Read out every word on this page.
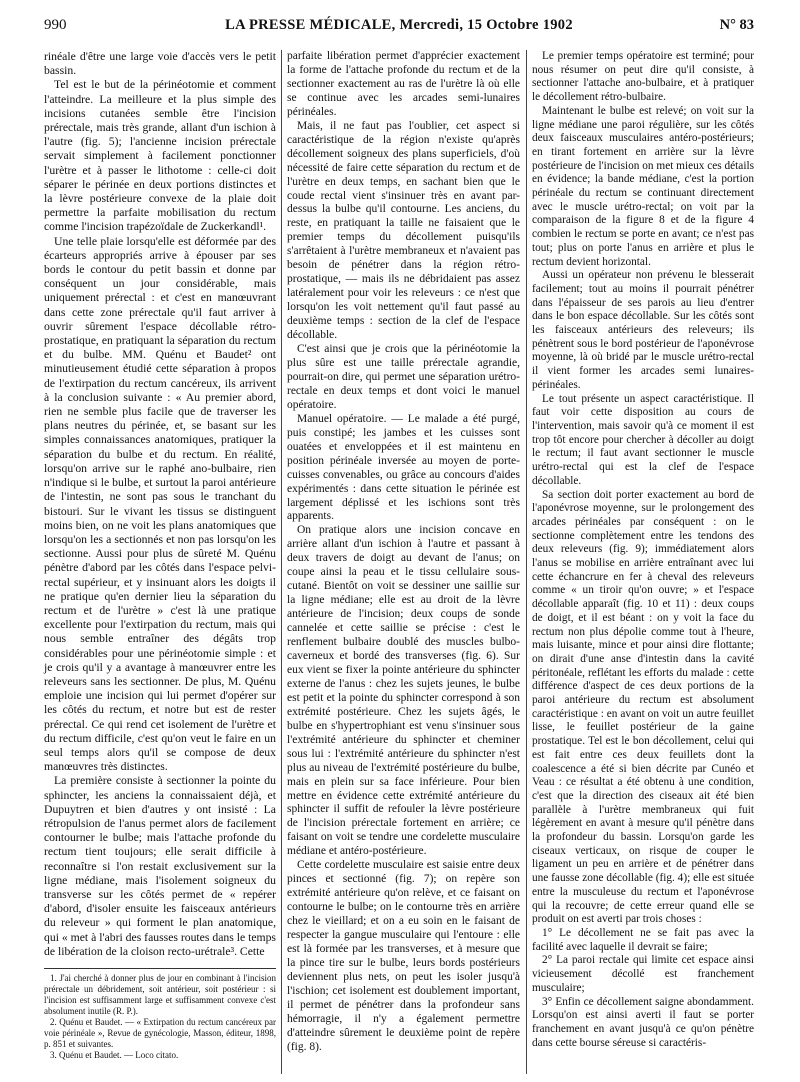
990	LA PRESSE MÉDICALE, Mercredi, 15 Octobre 1902	N° 83

rinéale d'être une large voie d'accès vers le petit bassin.

Tel est le but de la périnéotomie et comment l'atteindre. La meilleure et la plus simple des incisions cutanées semble être l'incision prérectale, mais très grande, allant d'un ischion à l'autre (fig. 5); l'ancienne incision prérectale servait simplement à facilement ponctionner l'urètre et à passer le lithotome : celle-ci doit séparer le périnée en deux portions distinctes et la lèvre postérieure convexe de la plaie doit permettre la parfaite mobilisation du rectum comme l'incision trapézoïdale de Zuckerkandl¹.

Une telle plaie lorsqu'elle est déformée par des écarteurs appropriés arrive à épouser par ses bords le contour du petit bassin et donne par conséquent un jour considérable, mais uniquement prérectal : et c'est en manœuvrant dans cette zone prérectale qu'il faut arriver à ouvrir sûrement l'espace décollable rétro-prostatique, en pratiquant la séparation du rectum et du bulbe. MM. Quénu et Baudet² ont minutieusement étudié cette séparation à propos de l'extirpation du rectum cancéreux, ils arrivent à la conclusion suivante : « Au premier abord, rien ne semble plus facile que de traverser les plans neutres du périnée, et, se basant sur les simples connaissances anatomiques, pratiquer la séparation du bulbe et du rectum. En réalité, lorsqu'on arrive sur le raphé ano-bulbaire, rien n'indique si le bulbe, et surtout la paroi antérieure de l'intestin, ne sont pas sous le tranchant du bistouri. Sur le vivant les tissus se distinguent moins bien, on ne voit les plans anatomiques que lorsqu'on les a sectionnés et non pas lorsqu'on les sectionne. Aussi pour plus de sûreté M. Quénu pénètre d'abord par les côtés dans l'espace pelvi-rectal supérieur, et y insinuant alors les doigts il ne pratique qu'en dernier lieu la séparation du rectum et de l'urètre » c'est là une pratique excellente pour l'extirpation du rectum, mais qui nous semble entraîner des dégâts trop considérables pour une périnéotomie simple : et je crois qu'il y a avantage à manœuvrer entre les releveurs sans les sectionner. De plus, M. Quénu emploie une incision qui lui permet d'opérer sur les côtés du rectum, et notre but est de rester prérectal. Ce qui rend cet isolement de l'urètre et du rectum difficile, c'est qu'on veut le faire en un seul temps alors qu'il se compose de deux manœuvres très distinctes.

La première consiste à sectionner la pointe du sphincter, les anciens la connaissaient déjà, et Dupuytren et bien d'autres y ont insisté : La rétropulsion de l'anus permet alors de facilement contourner le bulbe; mais l'attache profonde du rectum tient toujours; elle serait difficile à reconnaître si l'on restait exclusivement sur la ligne médiane, mais l'isolement soigneux du transverse sur les côtés permet de « repérer d'abord, d'isoler ensuite les faisceaux antérieurs du releveur » qui forment le plan anatomique, qui « met à l'abri des fausses routes dans le temps de libération de la cloison recto-urétrale³. Cette

1. J'ai cherché à donner plus de jour en combinant à l'incision prérectale un débridement, soit antérieur, soit postérieur : si l'incision est suffisamment large et suffisamment convexe c'est absolument inutile (R. P.).

2. Quénu et Baudet. — « Extirpation du rectum cancéreux par voie périnéale », Revue de gynécologie, Masson, éditeur, 1898, p. 851 et suivantes.

3. Quénu et Baudet. — Loco citato.

parfaite libération permet d'apprécier exactement la forme de l'attache profonde du rectum et de la sectionner exactement au ras de l'urètre là où elle se continue avec les arcades semi-lunaires périnéales.

Mais, il ne faut pas l'oublier, cet aspect si caractéristique de la région n'existe qu'après décollement soigneux des plans superficiels, d'où nécessité de faire cette séparation du rectum et de l'urètre en deux temps, en sachant bien que le coude rectal vient s'insinuer très en avant par-dessus la bulbe qu'il contourne. Les anciens, du reste, en pratiquant la taille ne faisaient que le premier temps du décollement puisqu'ils s'arrêtaient à l'urètre membraneux et n'avaient pas besoin de pénétrer dans la région rétro-prostatique, — mais ils ne débridaient pas assez latéralement pour voir les releveurs : ce n'est que lorsqu'on les voit nettement qu'il faut passé au deuxième temps : section de la clef de l'espace décollable.

C'est ainsi que je crois que la périnéotomie la plus sûre est une taille prérectale agrandie, pourrait-on dire, qui permet une séparation urétro-rectale en deux temps et dont voici le manuel opératoire.

Manuel opératoire. — Le malade a été purgé, puis constipé; les jambes et les cuisses sont ouatées et enveloppées et il est maintenu en position périnéale inversée au moyen de porte-cuisses convenables, ou grâce au concours d'aides expérimentés : dans cette situation le périnée est largement déplissé et les ischions sont très apparents.

On pratique alors une incision concave en arrière allant d'un ischion à l'autre et passant à deux travers de doigt au devant de l'anus; on coupe ainsi la peau et le tissu cellulaire sous-cutané. Bientôt on voit se dessiner une saillie sur la ligne médiane; elle est au droit de la lèvre antérieure de l'incision; deux coups de sonde cannelée et cette saillie se précise : c'est le renflement bulbaire doublé des muscles bulbo-caverneux et bordé des transverses (fig. 6). Sur eux vient se fixer la pointe antérieure du sphincter externe de l'anus : chez les sujets jeunes, le bulbe est petit et la pointe du sphincter correspond à son extrémité postérieure. Chez les sujets âgés, le bulbe en s'hypertrophiant est venu s'insinuer sous l'extrémité antérieure du sphincter et cheminer sous lui : l'extrémité antérieure du sphincter n'est plus au niveau de l'extrémité postérieure du bulbe, mais en plein sur sa face inférieure. Pour bien mettre en évidence cette extrémité antérieure du sphincter il suffit de refouler la lèvre postérieure de l'incision prérectale fortement en arrière; ce faisant on voit se tendre une cordelette musculaire médiane et antéro-postérieure.

Cette cordelette musculaire est saisie entre deux pinces et sectionné (fig. 7); on repère son extrémité antérieure qu'on relève, et ce faisant on contourne le bulbe; on le contourne très en arrière chez le vieillard; et on a eu soin en le faisant de respecter la gangue musculaire qui l'entoure : elle est là formée par les transverses, et à mesure que la pince tire sur le bulbe, leurs bords postérieurs deviennent plus nets, on peut les isoler jusqu'à l'ischion; cet isolement est doublement important, il permet de pénétrer dans la profondeur sans hémorragie, il n'y a également permettre d'atteindre sûrement le deuxième point de repère (fig. 8).

Le premier temps opératoire est terminé; pour nous résumer on peut dire qu'il consiste, à sectionner l'attache ano-bulbaire, et à pratiquer le décollement rétro-bulbaire.

Maintenant le bulbe est relevé; on voit sur la ligne médiane une paroi régulière, sur les côtés deux faisceaux musculaires antéro-postérieurs; en tirant fortement en arrière sur la lèvre postérieure de l'incision on met mieux ces détails en évidence; la bande médiane, c'est la portion périnéale du rectum se continuant directement avec le muscle urétro-rectal; on voit par la comparaison de la figure 8 et de la figure 4 combien le rectum se porte en avant; ce n'est pas tout; plus on porte l'anus en arrière et plus le rectum devient horizontal.

Aussi un opérateur non prévenu le blesserait facilement; tout au moins il pourrait pénétrer dans l'épaisseur de ses parois au lieu d'entrer dans le bon espace décollable. Sur les côtés sont les faisceaux antérieurs des releveurs; ils pénètrent sous le bord postérieur de l'aponévrose moyenne, là où bridé par le muscle urétro-rectal il vient former les arcades semi lunaires-périnéales.

Le tout présente un aspect caractéristique. Il faut voir cette disposition au cours de l'intervention, mais savoir qu'à ce moment il est trop tôt encore pour chercher à décoller au doigt le rectum; il faut avant sectionner le muscle urétro-rectal qui est la clef de l'espace décollable.

Sa section doit porter exactement au bord de l'aponévrose moyenne, sur le prolongement des arcades périnéales par conséquent : on le sectionne complètement entre les tendons des deux releveurs (fig. 9); immédiatement alors l'anus se mobilise en arrière entraînant avec lui cette échancrure en fer à cheval des releveurs comme « un tiroir qu'on ouvre; » et l'espace décollable apparaît (fig. 10 et 11) : deux coups de doigt, et il est béant : on y voit la face du rectum non plus dépolie comme tout à l'heure, mais luisante, mince et pour ainsi dire flottante; on dirait d'une anse d'intestin dans la cavité péritonéale, reflétant les efforts du malade : cette différence d'aspect de ces deux portions de la paroi antérieure du rectum est absolument caractéristique : en avant on voit un autre feuillet lisse, le feuillet postérieur de la gaine prostatique. Tel est le bon décollement, celui qui est fait entre ces deux feuillets dont la coalescence a été si bien décrite par Cunéo et Veau : ce résultat a été obtenu à une condition, c'est que la direction des ciseaux ait été bien parallèle à l'urètre membraneux qui fuit légèrement en avant à mesure qu'il pénètre dans la profondeur du bassin. Lorsqu'on garde les ciseaux verticaux, on risque de couper le ligament un peu en arrière et de pénétrer dans une fausse zone décollable (fig. 4); elle est située entre la musculeuse du rectum et l'aponévrose qui la recouvre; de cette erreur quand elle se produit on est averti par trois choses :

1° Le décollement ne se fait pas avec la facilité avec laquelle il devrait se faire;

2° La paroi rectale qui limite cet espace ainsi vicieusement décollé est franchement musculaire;

3° Enfin ce décollement saigne abondamment. Lorsqu'on est ainsi averti il faut se porter franchement en avant jusqu'à ce qu'on pénètre dans cette bourse séreuse si caractéris-
